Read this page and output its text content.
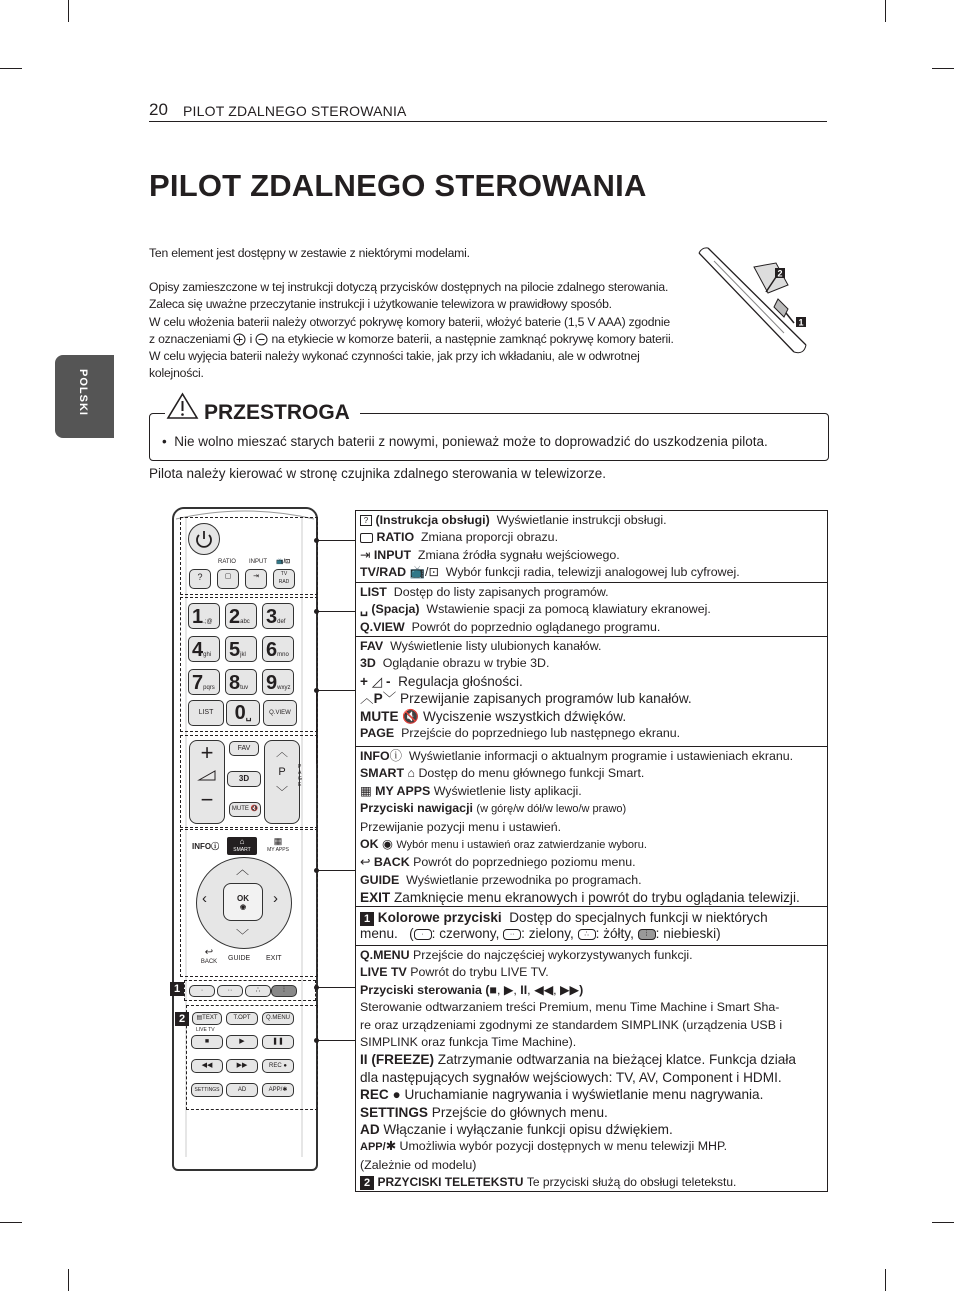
20 PILOT ZDALNEGO STEROWANIA
PILOT ZDALNEGO STEROWANIA
POLSKI

Ten element jest dostępny w zestawie z niektórymi modelami.

Opisy zamieszczone w tej instrukcji dotyczą przycisków dostępnych na pilocie zdalnego sterowania.

Zaleca się uważne przeczytanie instrukcji i użytkowanie telewizora w prawidłowy sposób.

W celu włożenia baterii należy otworzyć pokrywę komory baterii, włożyć baterie (1,5 V AAA) zgodnie

z oznaczeniami i na etykiecie w komorze baterii, a następnie zamknąć pokrywę komory baterii.

W celu wyjęcia baterii należy wykonać czynności takie, jak przy ich wkładaniu, ale w odwrotnej

kolejności.

2
1
PRZESTROGA
• Nie wolno mieszać starych baterii z nowymi, ponieważ może to doprowadzić do uszkodzenia pilota.
Pilota należy kierować w stronę czujnika zdalnego sterowania w telewizorze.
RATIO INPUT 📺/⊡
?	▢	⇥	TV
RAD
1.;@ 2abc 3def
4ghi 5jkl	6mno
7pqrs 8tuv 9wxyz
LIST	0␣	Q.VIEW
+
−
FAV
3D
MUTE 🔇
︿
P
﹀
PAGE
INFOⓘ
⌂
SMART
▦
MY APPS
︿
﹀
‹	›
OK
◉
↩
BACK	GUIDE EXIT
·	··	∴	⁞
1
2	▤TEXT	T.OPT	Q.MENU
LIVE TV
■	▶	❚❚
◀◀	▶▶	REC ●
SETTINGS	AD	APP/✱
? (Instrukcja obsługi) Wyświetlanie instrukcji obsługi.
RATIO Zmiana proporcji obrazu.
⇥ INPUT Zmiana źródła sygnału wejściowego.
TV/RAD 📺/⊡ Wybór funkcji radia, telewizji analogowej lub cyfrowej.
LIST Dostęp do listy zapisanych programów.
␣ (Spacja) Wstawienie spacji za pomocą klawiatury ekranowej.
Q.VIEW Powrót do poprzednio oglądanego programu.
FAV Wyświetlenie listy ulubionych kanałów.
3D Oglądanie obrazu w trybie 3D.
+ ◿ - Regulacja głośności.
︿P﹀ Przewijanie zapisanych programów lub kanałów.
MUTE 🔇 Wyciszenie wszystkich dźwięków.
PAGE Przejście do poprzedniego lub następnego ekranu.
INFOⓘ Wyświetlanie informacji o aktualnym programie i ustawieniach ekranu.
SMART ⌂ Dostęp do menu głównego funkcji Smart.
▦ MY APPS Wyświetlenie listy aplikacji.
Przyciski nawigacji (w górę/w dół/w lewo/w prawo)
Przewijanie pozycji menu i ustawień.
OK ◉ Wybór menu i ustawień oraz zatwierdzanie wyboru.
↩ BACK Powrót do poprzedniego poziomu menu.
GUIDE Wyświetlanie przewodnika po programach.
EXIT Zamknięcie menu ekranowych i powrót do trybu oglądania telewizji.
1 Kolorowe przyciski Dostęp do specjalnych funkcji w niektórych
menu.   ( · : czerwony, ·· : zielony, ∴ : żółty, ⁞ : niebieski)
Q.MENU Przejście do najczęściej wykorzystywanych funkcji.
LIVE TV Powrót do trybu LIVE TV.
Przyciski sterowania (■, ▶, II, ◀◀, ▶▶)
Sterowanie odtwarzaniem treści Premium, menu Time Machine i Smart Sha-
re oraz urządzeniami zgodnymi ze standardem SIMPLINK (urządzenia USB i
SIMPLINK oraz funkcja Time Machine).
II (FREEZE) Zatrzymanie odtwarzania na bieżącej klatce. Funkcja działa
dla następujących sygnałów wejściowych: TV, AV, Component i HDMI.
REC ● Uruchamianie nagrywania i wyświetlanie menu nagrywania.
SETTINGS Przejście do głównych menu.
AD Włączanie i wyłączanie funkcji opisu dźwiękiem.
APP/✱ Umożliwia wybór pozycji dostępnych w menu telewizji MHP.
(Zależnie od modelu)
2 PRZYCISKI TELETEKSTU Te przyciski służą do obsługi teletekstu.
